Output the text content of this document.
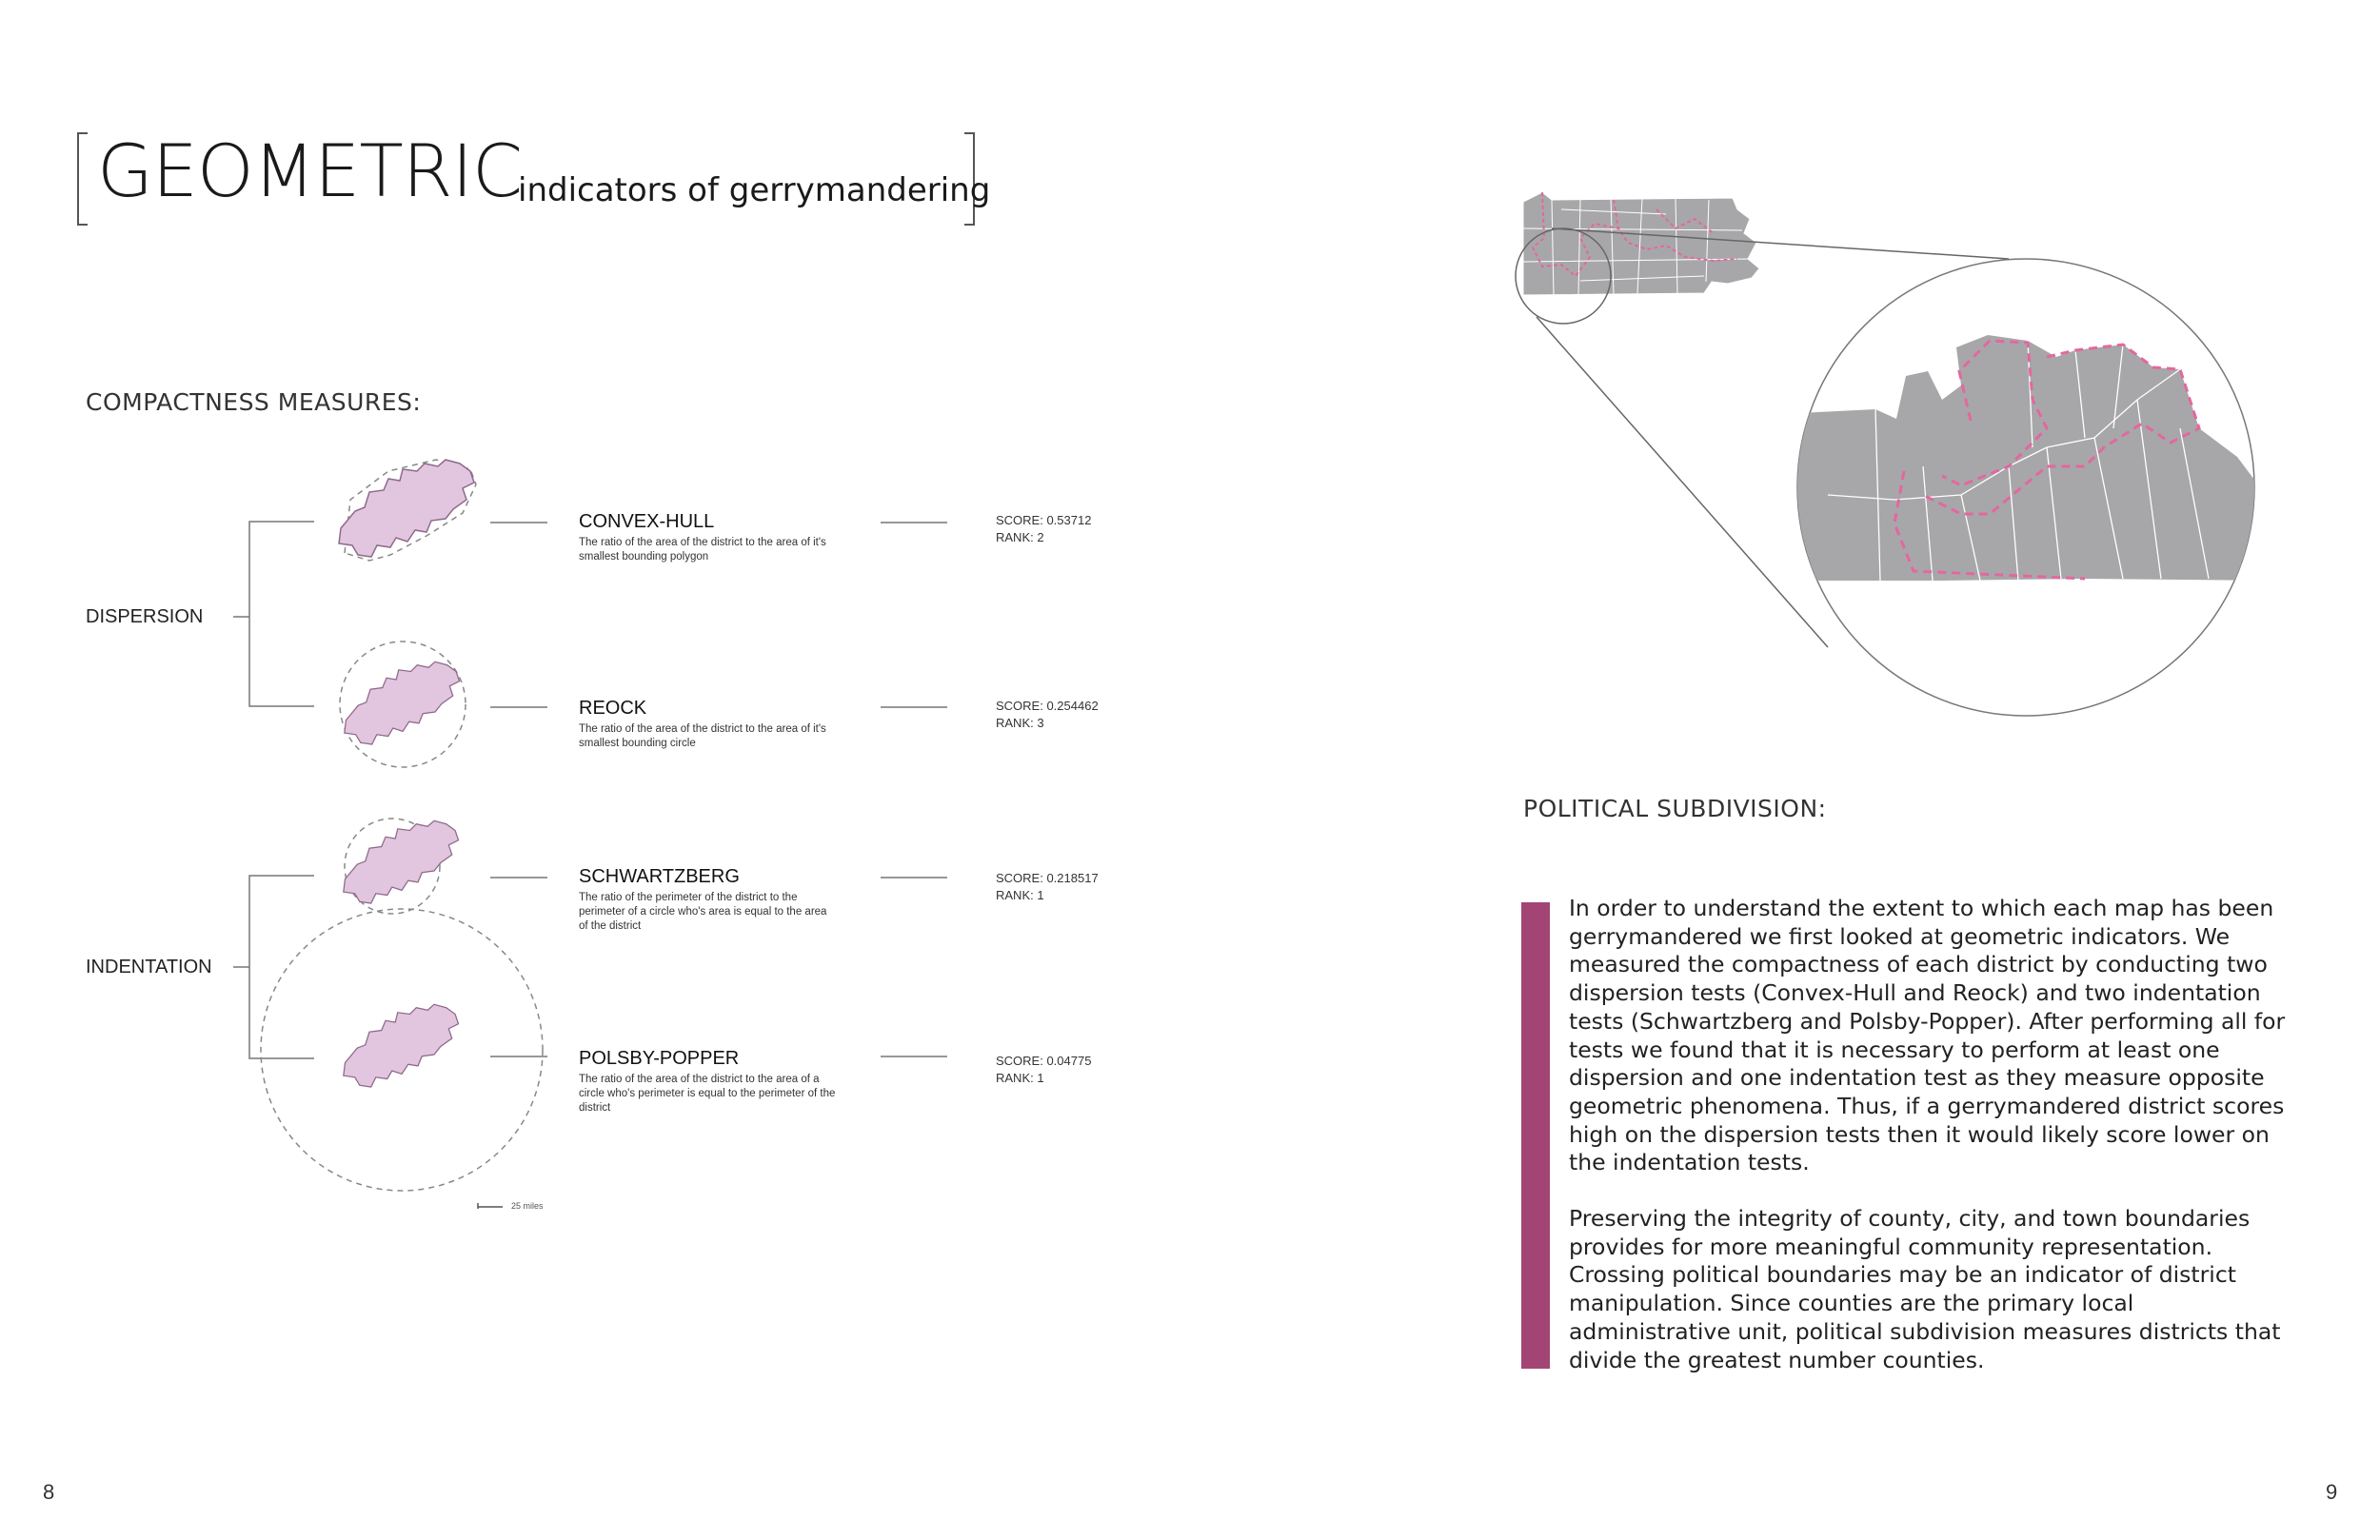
GEOMETRIC
indicators of gerrymandering
COMPACTNESS MEASURES:
25 miles
DISPERSION
INDENTATION
CONVEX-HULL
The ratio of the area of the district to the area of it's smallest bounding polygon
SCORE: 0.53712
RANK: 2
REOCK
The ratio of the area of the district to the area of it's smallest bounding circle
SCORE: 0.254462
RANK: 3
SCHWARTZBERG
The ratio of the perimeter of the district to the perimeter of a circle who's area is equal to the area of the district
SCORE: 0.218517
RANK: 1
POLSBY-POPPER
The ratio of the area of the district to the area of a circle who's perimeter is equal to the perimeter of the district
SCORE: 0.04775
RANK: 1
POLITICAL SUBDIVISION:
In order to understand the extent to which each map has been gerrymandered we first looked at geometric indicators. We measured the compactness of each district by conducting two dispersion tests (Convex-Hull and Reock) and two indentation tests (Schwartzberg and Polsby-Popper). After performing all for tests we found that it is necessary to perform at least one dispersion and one indentation test as they measure opposite geometric phenomena. Thus, if a gerrymandered district scores high on the dispersion tests then it would likely score lower on the indentation tests.
Preserving the integrity of county, city, and town boundaries provides for more meaningful community representation. Crossing political boundaries may be an indicator of district manipulation. Since counties are the primary local administrative unit, political subdivision measures districts that divide the greatest number counties.
8	9
